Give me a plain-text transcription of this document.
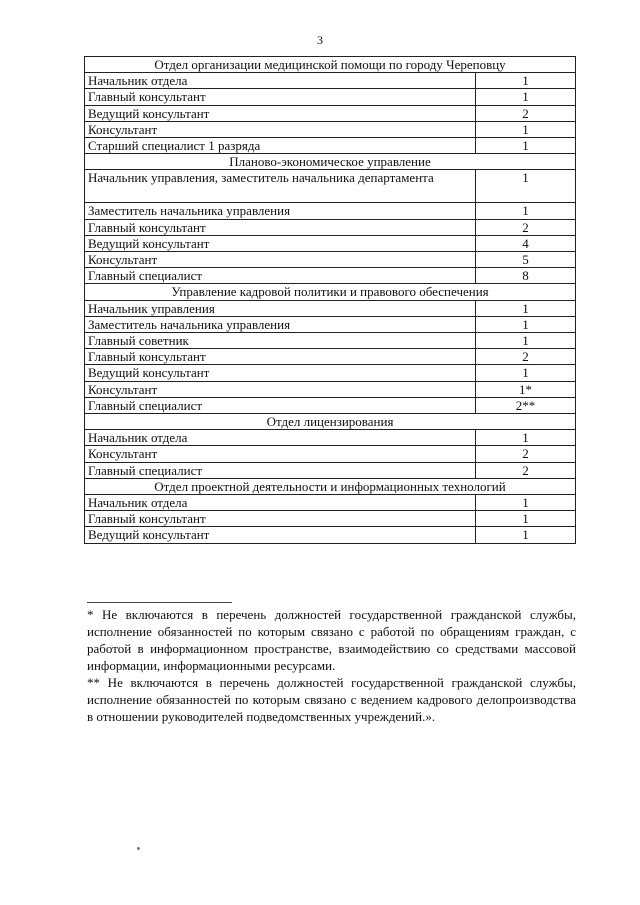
3
Отдел организации медицинской помощи по городу Череповцу	
Начальник отдела	1
Главный консультант	1
Ведущий консультант	2
Консультант	1
Старший специалист 1 разряда	1
Планово-экономическое управление	
Начальник управления, заместитель начальника департамента	1
Заместитель начальника управления	1
Главный консультант	2
Ведущий консультант	4
Консультант	5
Главный специалист	8
Управление кадровой политики и правового обеспечения	
Начальник управления	1
Заместитель начальника управления	1
Главный советник	1
Главный консультант	2
Ведущий консультант	1
Консультант	1*
Главный специалист	2**
Отдел лицензирования	
Начальник отдела	1
Консультант	2
Главный специалист	2
Отдел проектной деятельности и информационных технологий	
Начальник отдела	1
Главный консультант	1
Ведущий консультант	1

* Не включаются в перечень должностей государственной гражданской службы, исполнение обязанностей по которым связано с работой по обращениям граждан, с работой в информационном пространстве, взаимодействию со средствами массовой информации, информационными ресурсами.

** Не включаются в перечень должностей государственной гражданской службы, исполнение обязанностей по которым связано с ведением кадрового делопроизводства в отношении руководителей подведомственных учреждений.».
